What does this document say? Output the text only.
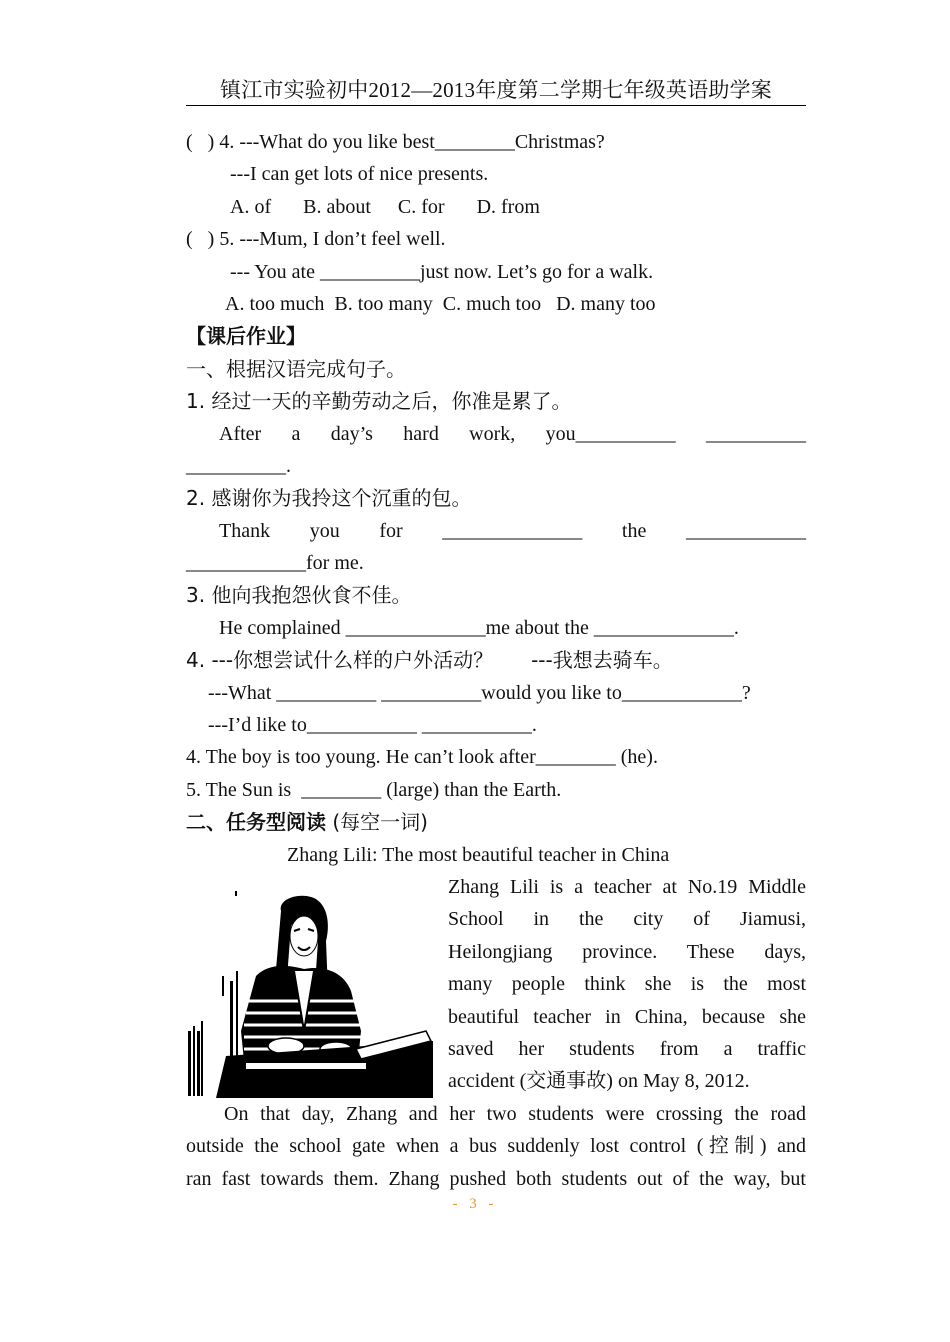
镇江市实验初中2012—2013年度第二学期七年级英语助学案
(   ) 4. ---What do you like best________Christmas?
---I can get lots of nice presents.
A. of B. about C. for D. from
(   ) 5. ---Mum, I don’t feel well.
--- You ate __________just now. Let’s go for a walk.
A. too much  B. too many  C. much too   D. many too
【课后作业】
一、根据汉语完成句子。
1. 经过一天的辛勤劳动之后，你准是累了。
After a day’s hard work, you__________ __________
__________.
2. 感谢你为我拎这个沉重的包。
Thank you for ______________ the ____________
____________for me.
3. 他向我抱怨伙食不佳。
He complained ______________me about the ______________.
4. ---你想尝试什么样的户外活动？ ---我想去骑车。
---What __________ __________would you like to____________?
---I’d like to___________ ___________.
4. The boy is too young. He can’t look after________ (he).
5. The Sun is  ________ (large) than the Earth.
二、任务型阅读 (每空一词)
Zhang Lili: The most beautiful teacher in China
Zhang Lili is a teacher at No.19 Middle
School in the city of Jiamusi,
Heilongjiang province. These days,
many people think she is the most
beautiful teacher in China, because she
saved her students from a traffic
accident (交通事故) on May 8, 2012.
On that day, Zhang and her two students were crossing the road
outside the school gate when a bus suddenly lost control (控制) and
ran fast towards them. Zhang pushed both students out of the way, but
- 3 -
